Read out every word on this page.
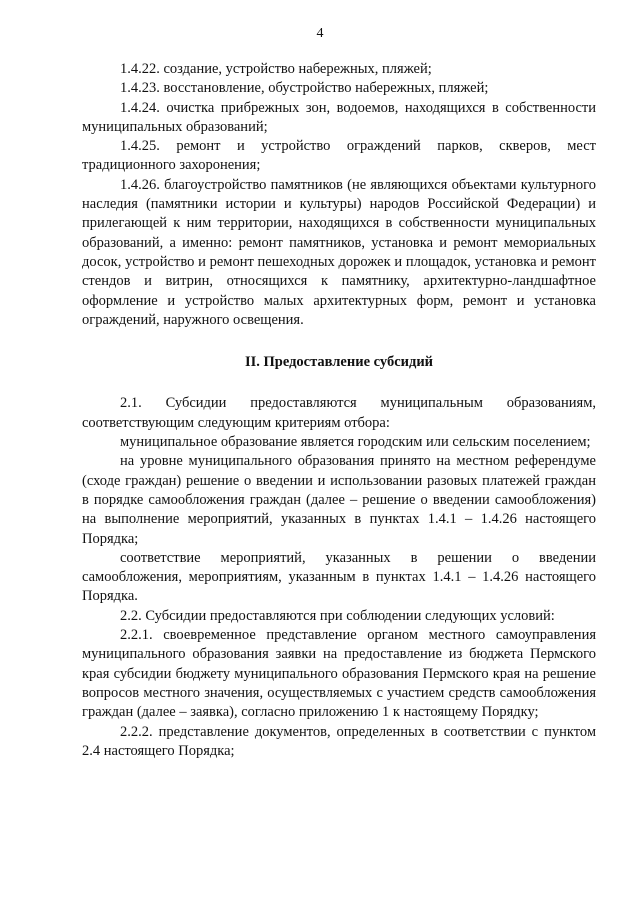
4

1.4.22. создание, устройство набережных, пляжей;

1.4.23. восстановление, обустройство набережных, пляжей;

1.4.24. очистка прибрежных зон, водоемов, находящихся в собственности муниципальных образований;

1.4.25. ремонт и устройство ограждений парков, скверов, мест традиционного захоронения;

1.4.26. благоустройство памятников (не являющихся объектами культурного наследия (памятники истории и культуры) народов Российской Федерации) и прилегающей к ним территории, находящихся в собственности муниципальных образований, а именно: ремонт памятников, установка и ремонт мемориальных досок, устройство и ремонт пешеходных дорожек и площадок, установка и ремонт стендов и витрин, относящихся к памятнику, архитектурно-ландшафтное оформление и устройство малых архитектурных форм, ремонт и установка ограждений, наружного освещения.

II. Предоставление субсидий

2.1. Субсидии предоставляются муниципальным образованиям, соответствующим следующим критериям отбора:

муниципальное образование является городским или сельским поселением;

на уровне муниципального образования принято на местном референдуме (сходе граждан) решение о введении и использовании разовых платежей граждан в порядке самообложения граждан (далее – решение о введении самообложения) на выполнение мероприятий, указанных в пунктах 1.4.1 – 1.4.26 настоящего Порядка;

соответствие мероприятий, указанных в решении о введении самообложения, мероприятиям, указанным в пунктах 1.4.1 – 1.4.26 настоящего Порядка.

2.2. Субсидии предоставляются при соблюдении следующих условий:

2.2.1. своевременное представление органом местного самоуправления муниципального образования заявки на предоставление из бюджета Пермского края субсидии бюджету муниципального образования Пермского края на решение вопросов местного значения, осуществляемых с участием средств самообложения граждан (далее – заявка), согласно приложению 1 к настоящему Порядку;

2.2.2. представление документов, определенных в соответствии с пунктом 2.4 настоящего Порядка;
